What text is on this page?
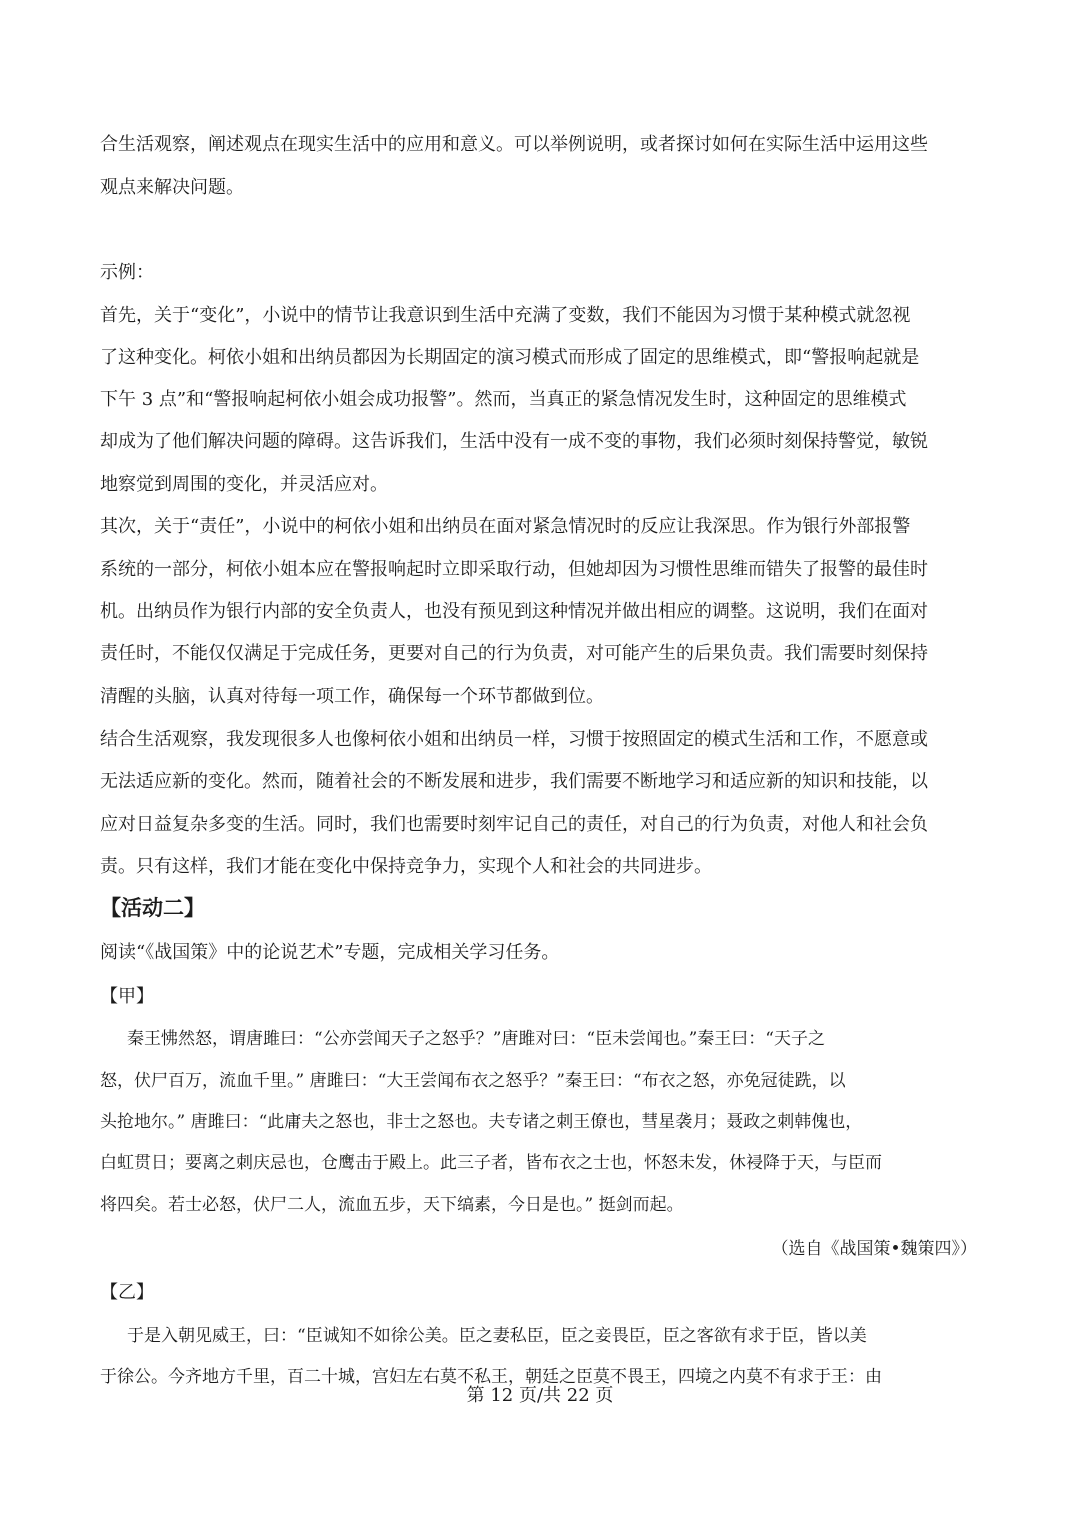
合生活观察，阐述观点在现实生活中的应用和意义。可以举例说明，或者探讨如何在实际生活中运用这些
观点来解决问题。
示例：
首先，关于“变化”，小说中的情节让我意识到生活中充满了变数，我们不能因为习惯于某种模式就忽视
了这种变化。柯依小姐和出纳员都因为长期固定的演习模式而形成了固定的思维模式，即“警报响起就是
下午 3 点”和“警报响起柯依小姐会成功报警”。然而，当真正的紧急情况发生时，这种固定的思维模式
却成为了他们解决问题的障碍。这告诉我们，生活中没有一成不变的事物，我们必须时刻保持警觉，敏锐
地察觉到周围的变化，并灵活应对。
其次，关于“责任”，小说中的柯依小姐和出纳员在面对紧急情况时的反应让我深思。作为银行外部报警
系统的一部分，柯依小姐本应在警报响起时立即采取行动，但她却因为习惯性思维而错失了报警的最佳时
机。出纳员作为银行内部的安全负责人，也没有预见到这种情况并做出相应的调整。这说明，我们在面对
责任时，不能仅仅满足于完成任务，更要对自己的行为负责，对可能产生的后果负责。我们需要时刻保持
清醒的头脑，认真对待每一项工作，确保每一个环节都做到位。
结合生活观察，我发现很多人也像柯依小姐和出纳员一样，习惯于按照固定的模式生活和工作，不愿意或
无法适应新的变化。然而，随着社会的不断发展和进步，我们需要不断地学习和适应新的知识和技能，以
应对日益复杂多变的生活。同时，我们也需要时刻牢记自己的责任，对自己的行为负责，对他人和社会负
责。只有这样，我们才能在变化中保持竞争力，实现个人和社会的共同进步。
【活动二】
阅读“《战国策》中的论说艺术”专题，完成相关学习任务。
【甲】
秦王怫然怒，谓唐雎曰：“公亦尝闻天子之怒乎？”唐雎对曰：“臣未尝闻也。”秦王曰：“天子之
怒，伏尸百万，流血千里。” 唐雎曰：“大王尝闻布衣之怒乎？”秦王曰：“布衣之怒，亦免冠徒跣，以
头抢地尔。” 唐雎曰：“此庸夫之怒也，非士之怒也。夫专诸之刺王僚也，彗星袭月；聂政之刺韩傀也，
白虹贯日；要离之刺庆忌也，仓鹰击于殿上。此三子者，皆布衣之士也，怀怒未发，休祲降于天，与臣而
将四矣。若士必怒，伏尸二人，流血五步，天下缟素，今日是也。” 挺剑而起。
（选自《战国策•魏策四》）
【乙】
于是入朝见威王，曰：“臣诚知不如徐公美。臣之妻私臣，臣之妾畏臣，臣之客欲有求于臣，皆以美
于徐公。今齐地方千里，百二十城，宫妇左右莫不私王，朝廷之臣莫不畏王，四境之内莫不有求于王：由
第 12 页/共 22 页
